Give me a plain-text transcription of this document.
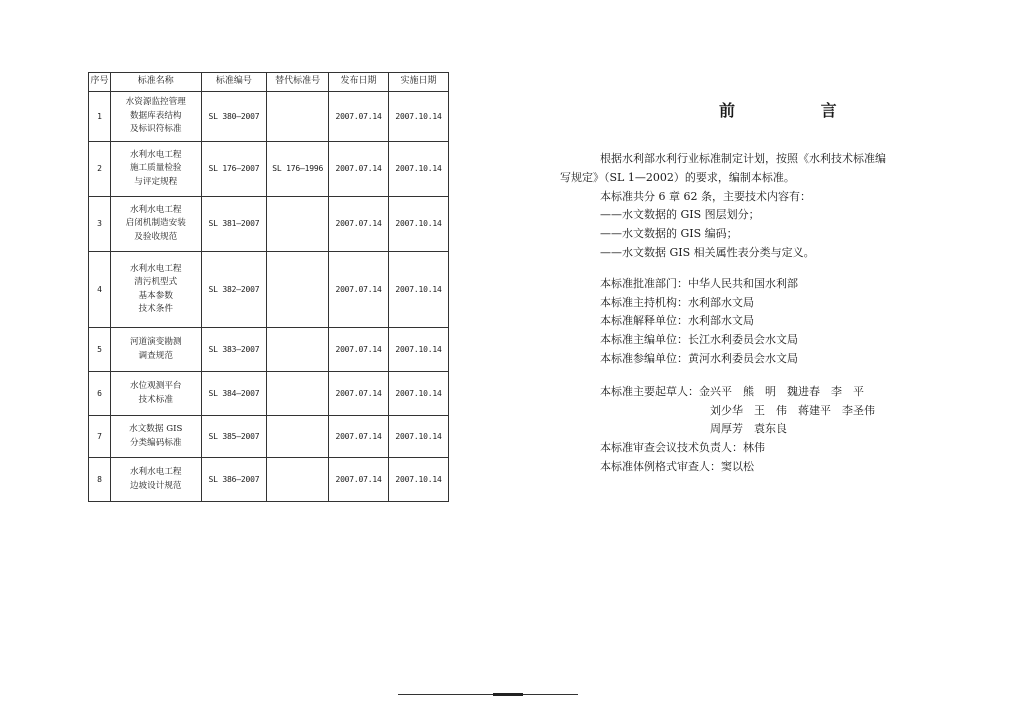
序号	标准名称	标准编号	替代标准号	发布日期	实施日期
1	水资源监控管理
数据库表结构
及标识符标准	SL 380—2007		2007.07.14	2007.10.14
2	水利水电工程
施工质量检验
与评定规程	SL 176—2007	SL 176—1996	2007.07.14	2007.10.14
3	水利水电工程
启闭机制造安装
及验收规范	SL 381—2007		2007.07.14	2007.10.14
4	水利水电工程
清污机型式
基本参数
技术条件	SL 382—2007		2007.07.14	2007.10.14
5	河道演变勘测
调查规范	SL 383—2007		2007.07.14	2007.10.14
6	水位观测平台
技术标准	SL 384—2007		2007.07.14	2007.10.14
7	水文数据 GIS
分类编码标准	SL 385—2007		2007.07.14	2007.10.14
8	水利水电工程
边坡设计规范	SL 386—2007		2007.07.14	2007.10.14
前 言

根据水利部水利行业标准制定计划，按照《水利技术标准编

写规定》（SL 1—2002）的要求，编制本标准。

本标准共分 6 章 62 条，主要技术内容有：

——水文数据的 GIS 图层划分；

——水文数据的 GIS 编码；

——水文数据 GIS 相关属性表分类与定义。

本标准批准部门：中华人民共和国水利部

本标准主持机构：水利部水文局

本标准解释单位：水利部水文局

本标准主编单位：长江水利委员会水文局

本标准参编单位：黄河水利委员会水文局

本标准主要起草人：金兴平　熊　明　魏进春　李　平

刘少华　王　伟　蒋建平　李圣伟

周厚芳　袁东良

本标准审查会议技术负责人：林伟

本标准体例格式审查人：窦以松
